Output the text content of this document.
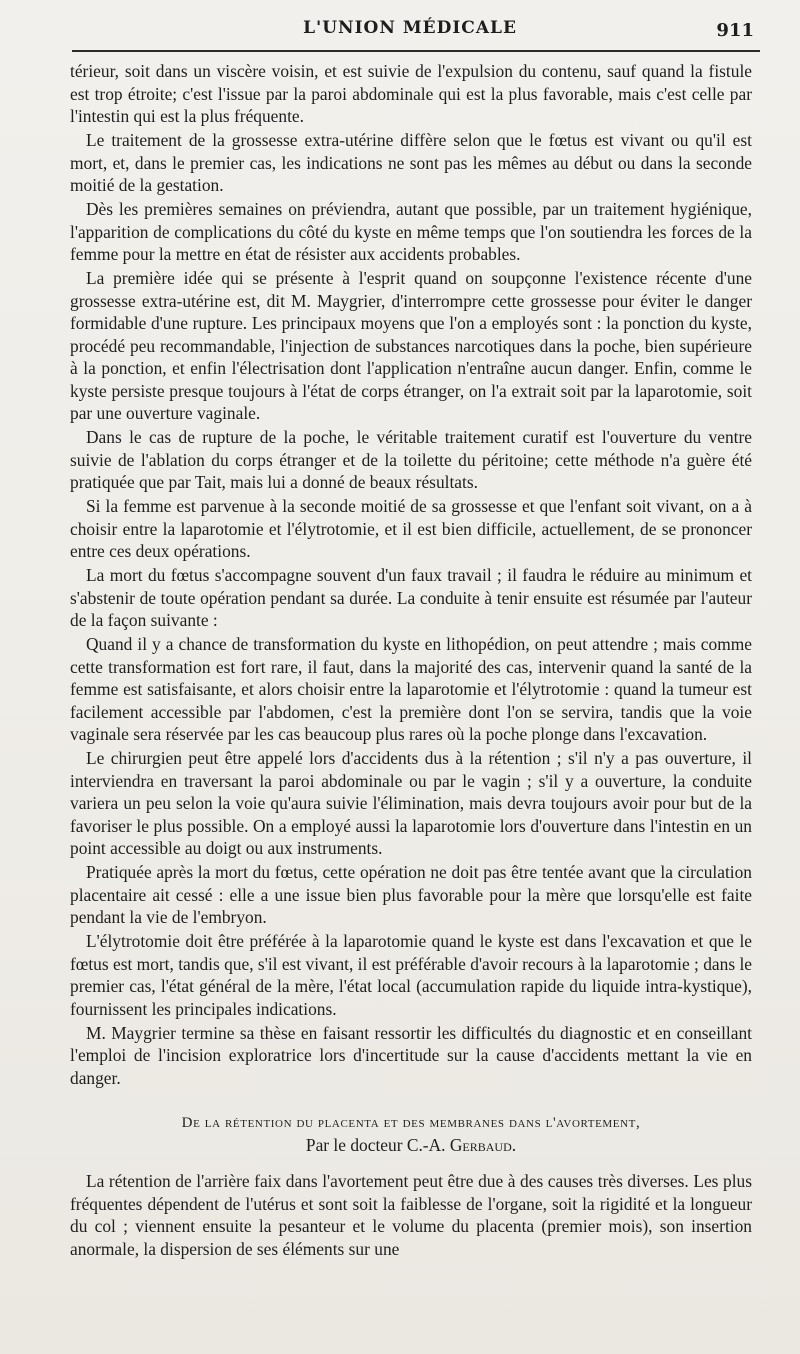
L'UNION MÉDICALE	911

térieur, soit dans un viscère voisin, et est suivie de l'expulsion du contenu, sauf quand la fistule est trop étroite; c'est l'issue par la paroi abdominale qui est la plus favorable, mais c'est celle par l'intestin qui est la plus fréquente.

Le traitement de la grossesse extra-utérine diffère selon que le fœtus est vivant ou qu'il est mort, et, dans le premier cas, les indications ne sont pas les mêmes au début ou dans la seconde moitié de la gestation.

Dès les premières semaines on préviendra, autant que possible, par un traitement hygiénique, l'apparition de complications du côté du kyste en même temps que l'on soutiendra les forces de la femme pour la mettre en état de résister aux accidents probables.

La première idée qui se présente à l'esprit quand on soupçonne l'existence récente d'une grossesse extra-utérine est, dit M. Maygrier, d'interrompre cette grossesse pour éviter le danger formidable d'une rupture. Les principaux moyens que l'on a employés sont : la ponction du kyste, procédé peu recommandable, l'injection de substances narcotiques dans la poche, bien supérieure à la ponction, et enfin l'électrisation dont l'application n'entraîne aucun danger. Enfin, comme le kyste persiste presque toujours à l'état de corps étranger, on l'a extrait soit par la laparotomie, soit par une ouverture vaginale.

Dans le cas de rupture de la poche, le véritable traitement curatif est l'ouverture du ventre suivie de l'ablation du corps étranger et de la toilette du péritoine; cette méthode n'a guère été pratiquée que par Tait, mais lui a donné de beaux résultats.

Si la femme est parvenue à la seconde moitié de sa grossesse et que l'enfant soit vivant, on a à choisir entre la laparotomie et l'élytrotomie, et il est bien difficile, actuellement, de se prononcer entre ces deux opérations.

La mort du fœtus s'accompagne souvent d'un faux travail ; il faudra le réduire au minimum et s'abstenir de toute opération pendant sa durée. La conduite à tenir ensuite est résumée par l'auteur de la façon suivante :

Quand il y a chance de transformation du kyste en lithopédion, on peut attendre ; mais comme cette transformation est fort rare, il faut, dans la majorité des cas, intervenir quand la santé de la femme est satisfaisante, et alors choisir entre la laparotomie et l'élytrotomie : quand la tumeur est facilement accessible par l'abdomen, c'est la première dont l'on se servira, tandis que la voie vaginale sera réservée par les cas beaucoup plus rares où la poche plonge dans l'excavation.

Le chirurgien peut être appelé lors d'accidents dus à la rétention ; s'il n'y a pas ouverture, il interviendra en traversant la paroi abdominale ou par le vagin ; s'il y a ouverture, la conduite variera un peu selon la voie qu'aura suivie l'élimination, mais devra toujours avoir pour but de la favoriser le plus possible. On a employé aussi la laparotomie lors d'ouverture dans l'intestin en un point accessible au doigt ou aux instruments.

Pratiquée après la mort du fœtus, cette opération ne doit pas être tentée avant que la circulation placentaire ait cessé : elle a une issue bien plus favorable pour la mère que lorsqu'elle est faite pendant la vie de l'embryon.

L'élytrotomie doit être préférée à la laparotomie quand le kyste est dans l'excavation et que le fœtus est mort, tandis que, s'il est vivant, il est préférable d'avoir recours à la laparotomie ; dans le premier cas, l'état général de la mère, l'état local (accumulation rapide du liquide intra-kystique), fournissent les principales indications.

M. Maygrier termine sa thèse en faisant ressortir les difficultés du diagnostic et en conseillant l'emploi de l'incision exploratrice lors d'incertitude sur la cause d'accidents mettant la vie en danger.

De la rétention du placenta et des membranes dans l'avortement,
Par le docteur C.-A. Gerbaud.

La rétention de l'arrière faix dans l'avortement peut être due à des causes très diverses. Les plus fréquentes dépendent de l'utérus et sont soit la faiblesse de l'organe, soit la rigidité et la longueur du col ; viennent ensuite la pesanteur et le volume du placenta (premier mois), son insertion anormale, la dispersion de ses éléments sur une
